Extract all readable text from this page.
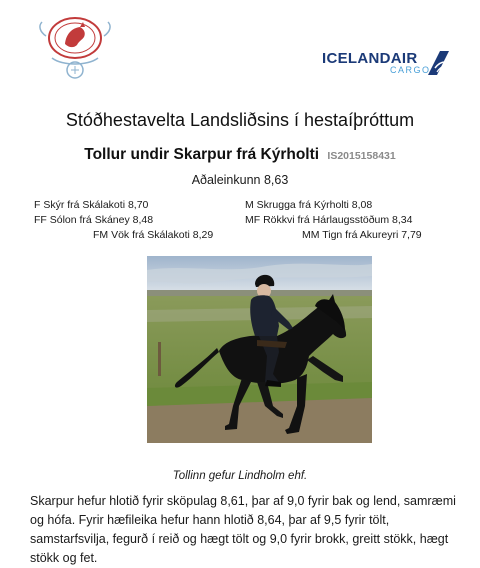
ICELANDAIR
CARGO
Stóðhestavelta Landsliðsins í hestaíþróttum
Tollur undir Skarpur frá Kýrholti IS2015158431
Aðaleinkunn 8,63
F Skýr frá Skálakoti 8,70
FF Sólon frá Skáney 8,48
FM Vök frá Skálakoti 8,29
M Skrugga frá Kýrholti 8,08
MF Rökkvi frá Hárlaugsstöðum 8,34
MM Tign frá Akureyri 7,79
Tollinn gefur Lindholm ehf.
Skarpur hefur hlotið fyrir sköpulag 8,61, þar af 9,0 fyrir bak og lend, samræmi og hófa. Fyrir hæfileika hefur hann hlotið 8,64, þar af 9,5 fyrir tölt, samstarfsvilja, fegurð í reið og hægt tölt og 9,0 fyrir brokk, greitt stökk, hægt stökk og fet.
